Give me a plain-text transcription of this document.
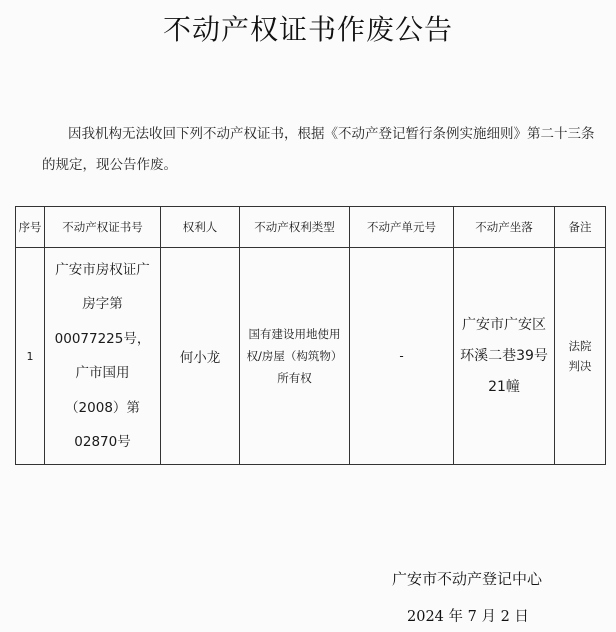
不动产权证书作废公告
因我机构无法收回下列不动产权证书，根据《不动产登记暂行条例实施细则》第二十三条的规定，现公告作废。
序号	不动产权证书号	权利人	不动产权利类型	不动产单元号	不动产坐落	备注
1	广安市房权证广房字第00077225号，广市国用（2008）第02870号	何小龙	国有建设用地使用权/房屋（构筑物）所有权	-	广安市广安区环溪二巷39号21幢	法院判决
广安市不动产登记中心
2024 年 7 月 2 日
